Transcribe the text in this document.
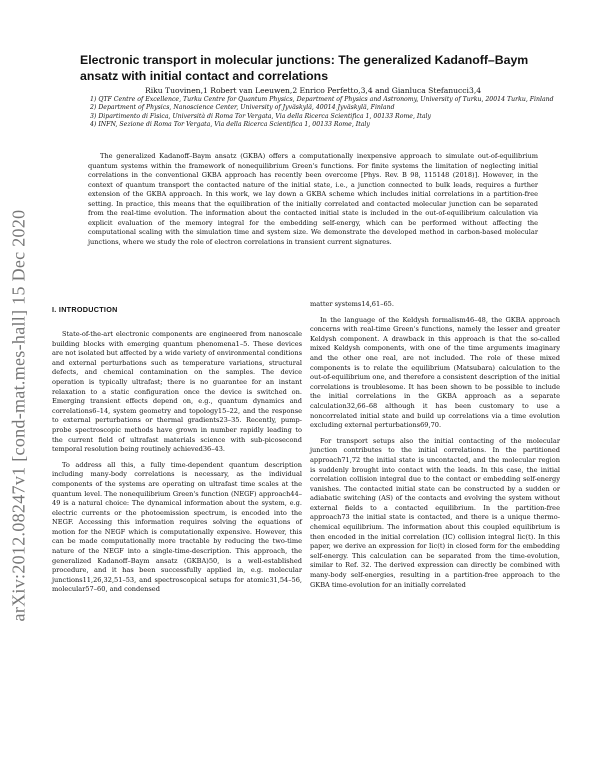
arXiv:2012.08247v1 [cond-mat.mes-hall] 15 Dec 2020
Electronic transport in molecular junctions: The generalized Kadanoff–Baym ansatz with initial contact and correlations
Riku Tuovinen,1 Robert van Leeuwen,2 Enrico Perfetto,3,4 and Gianluca Stefanucci3,4
1) QTF Centre of Excellence, Turku Centre for Quantum Physics, Department of Physics and Astronomy, University of Turku, 20014 Turku, Finland
2) Department of Physics, Nanoscience Center, University of Jyväskylä, 40014 Jyväskylä, Finland
3) Dipartimento di Fisica, Università di Roma Tor Vergata, Via della Ricerca Scientifica 1, 00133 Rome, Italy
4) INFN, Sezione di Roma Tor Vergata, Via della Ricerca Scientifica 1, 00133 Rome, Italy

The generalized Kadanoff–Baym ansatz (GKBA) offers a computationally inexpensive approach to simulate out-of-equilibrium quantum systems within the framework of nonequilibrium Green's functions. For finite systems the limitation of neglecting initial correlations in the conventional GKBA approach has recently been overcome [Phys. Rev. B 98, 115148 (2018)]. However, in the context of quantum transport the contacted nature of the initial state, i.e., a junction connected to bulk leads, requires a further extension of the GKBA approach. In this work, we lay down a GKBA scheme which includes initial correlations in a partition-free setting. In practice, this means that the equilibration of the initially correlated and contacted molecular junction can be separated from the real-time evolution. The information about the contacted initial state is included in the out-of-equilibrium calculation via explicit evaluation of the memory integral for the embedding self-energy, which can be performed without affecting the computational scaling with the simulation time and system size. We demonstrate the developed method in carbon-based molecular junctions, where we study the role of electron correlations in transient current signatures.

I. INTRODUCTION

State-of-the-art electronic components are engineered from nanoscale building blocks with emerging quantum phenomena1–5. These devices are not isolated but affected by a wide variety of environmental conditions and external perturbations such as temperature variations, structural defects, and chemical contamination on the samples. The device operation is typically ultrafast; there is no guarantee for an instant relaxation to a static configuration once the device is switched on. Emerging transient effects depend on, e.g., quantum dynamics and correlations6–14, system geometry and topology15–22, and the response to external perturbations or thermal gradients23–35. Recently, pump-probe spectroscopic methods have grown in number rapidly leading to the current field of ultrafast materials science with sub-picosecond temporal resolution being routinely achieved36–43.

To address all this, a fully time-dependent quantum description including many-body correlations is necessary, as the individual components of the systems are operating on ultrafast time scales at the quantum level. The nonequilibrium Green's function (NEGF) approach44–49 is a natural choice: The dynamical information about the system, e.g. electric currents or the photoemission spectrum, is encoded into the NEGF. Accessing this information requires solving the equations of motion for the NEGF which is computationally expensive. However, this can be made computationally more tractable by reducing the two-time nature of the NEGF into a single-time-description. This approach, the generalized Kadanoff–Baym ansatz (GKBA)50, is a well-established procedure, and it has been successfully applied in, e.g. molecular junctions11,26,32,51–53, and spectroscopical setups for atomic31,54–56, molecular57–60, and condensed

matter systems14,61–65.

In the language of the Keldysh formalism46–48, the GKBA approach concerns with real-time Green's functions, namely the lesser and greater Keldysh component. A drawback in this approach is that the so-called mixed Keldysh components, with one of the time arguments imaginary and the other one real, are not included. The role of these mixed components is to relate the equilibrium (Matsubara) calculation to the out-of-equilibrium one, and therefore a consistent description of the initial correlations is troublesome. It has been shown to be possible to include the initial correlations in the GKBA approach as a separate calculation32,66–68 although it has been customary to use a noncorrelated initial state and build up correlations via a time evolution excluding external perturbations69,70.

For transport setups also the initial contacting of the molecular junction contributes to the initial correlations. In the partitioned approach71,72 the initial state is uncontacted, and the molecular region is suddenly brought into contact with the leads. In this case, the initial correlation collision integral due to the contact or embedding self-energy vanishes. The contacted initial state can be constructed by a sudden or adiabatic switching (AS) of the contacts and evolving the system without external fields to a contacted equilibrium. In the partition-free approach73 the initial state is contacted, and there is a unique thermo-chemical equilibrium. The information about this coupled equilibrium is then encoded in the initial correlation (IC) collision integral Iic(t). In this paper, we derive an expression for Iic(t) in closed form for the embedding self-energy. This calculation can be separated from the time-evolution, similar to Ref. 32. The derived expression can directly be combined with many-body self-energies, resulting in a partition-free approach to the GKBA time-evolution for an initially correlated
